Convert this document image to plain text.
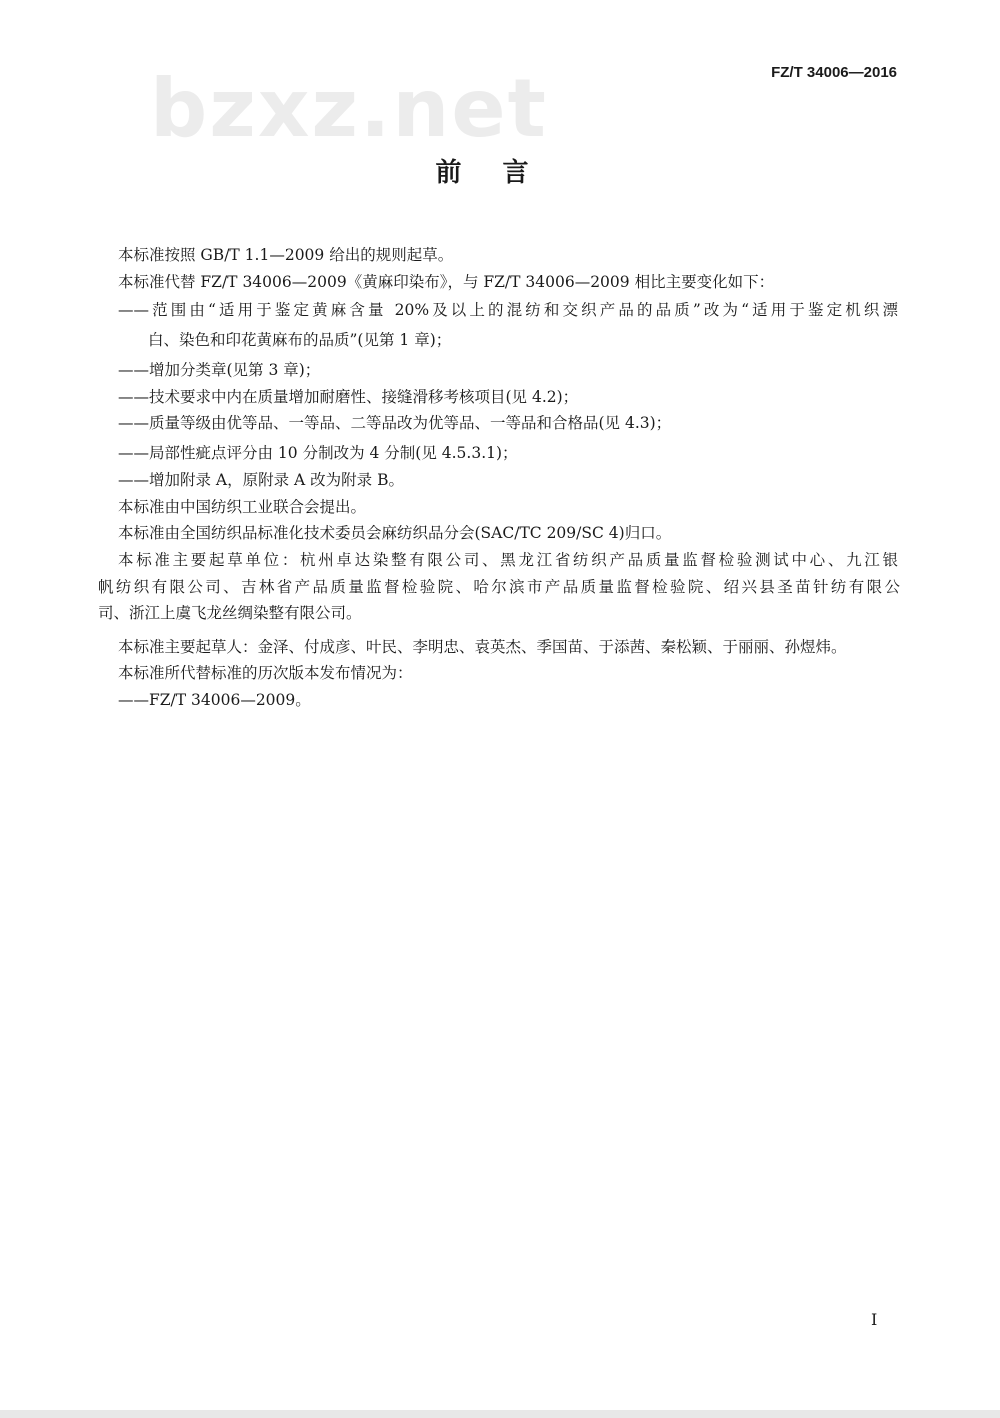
FZ/T 34006—2016
bzxz.net
前 言
本标准按照 GB/T 1.1—2009 给出的规则起草。
本标准代替 FZ/T 34006—2009《黄麻印染布》，与 FZ/T 34006—2009 相比主要变化如下：
——范围由“适用于鉴定黄麻含量 20%及以上的混纺和交织产品的品质”改为“适用于鉴定机织漂
白、染色和印花黄麻布的品质”(见第 1 章)；
——增加分类章(见第 3 章)；
——技术要求中内在质量增加耐磨性、接缝滑移考核项目(见 4.2)；
——质量等级由优等品、一等品、二等品改为优等品、一等品和合格品(见 4.3)；
——局部性疵点评分由 10 分制改为 4 分制(见 4.5.3.1)；
——增加附录 A，原附录 A 改为附录 B。
本标准由中国纺织工业联合会提出。
本标准由全国纺织品标准化技术委员会麻纺织品分会(SAC/TC 209/SC 4)归口。
本标准主要起草单位：杭州卓达染整有限公司、黑龙江省纺织产品质量监督检验测试中心、九江银
帆纺织有限公司、吉林省产品质量监督检验院、哈尔滨市产品质量监督检验院、绍兴县圣苗针纺有限公
司、浙江上虞飞龙丝绸染整有限公司。
本标准主要起草人：金泽、付成彦、叶民、李明忠、袁英杰、季国苗、于添茜、秦松颖、于丽丽、孙煜炜。
本标准所代替标准的历次版本发布情况为：
——FZ/T 34006—2009。
I
